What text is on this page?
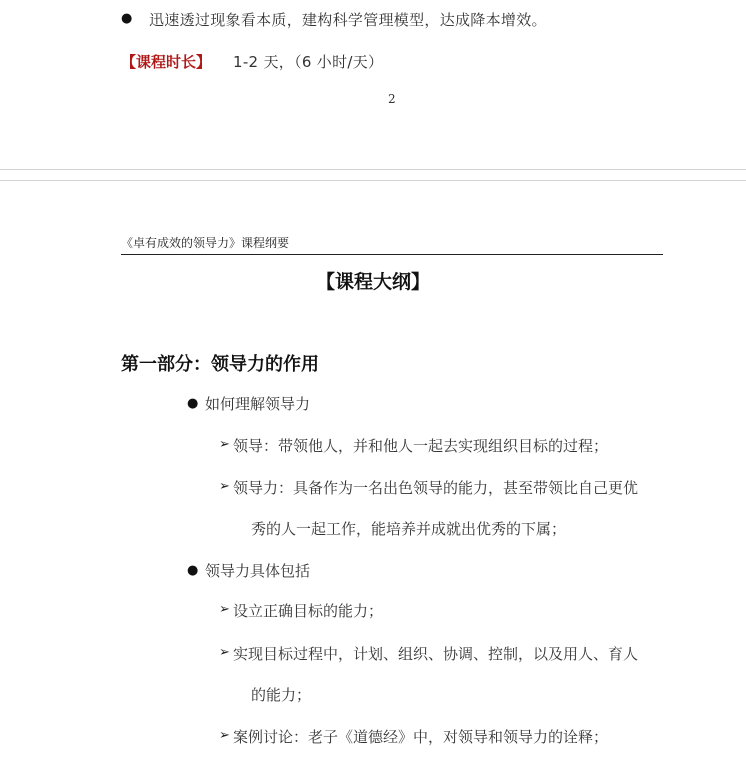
● 迅速透过现象看本质，建构科学管理模型，达成降本增效。
【课程时长】 1-2 天，（6 小时/天）
2
《卓有成效的领导力》课程纲要
【课程大纲】
第一部分：领导力的作用
● 如何理解领导力
➢ 领导：带领他人，并和他人一起去实现组织目标的过程；
➢ 领导力：具备作为一名出色领导的能力，甚至带领比自己更优
秀的人一起工作，能培养并成就出优秀的下属；
● 领导力具体包括
➢ 设立正确目标的能力；
➢ 实现目标过程中，计划、组织、协调、控制，以及用人、育人
的能力；
➢ 案例讨论：老子《道德经》中，对领导和领导力的诠释；
